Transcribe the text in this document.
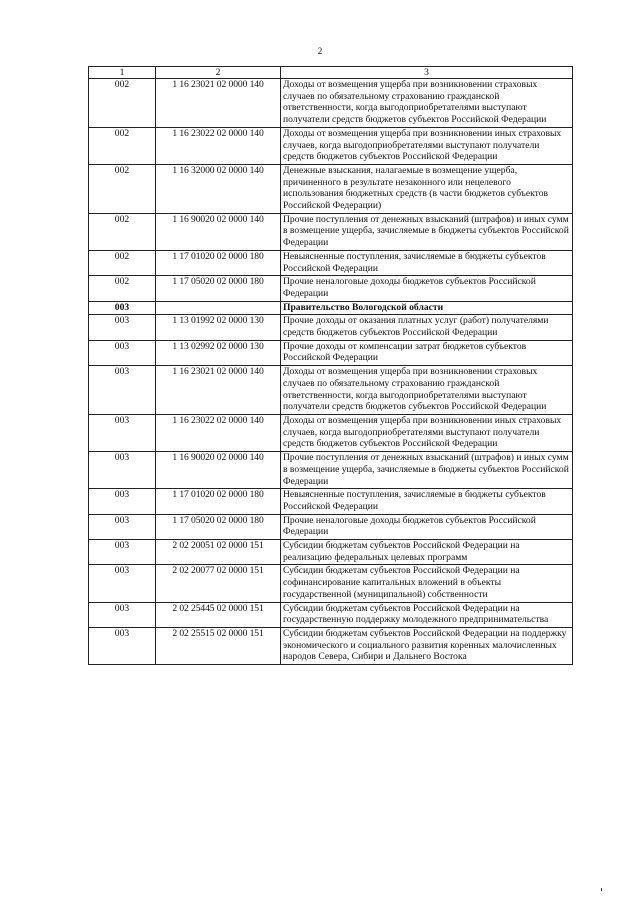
2
1	2	3
002	1 16 23021 02 0000 140	Доходы от возмещения ущерба при возникновении страховых случаев по обязательному страхованию гражданской ответственности, когда выгодоприобретателями выступают получатели средств бюджетов субъектов Российской Федерации
002	1 16 23022 02 0000 140	Доходы от возмещения ущерба при возникновении иных страховых случаев, когда выгодоприобретателями выступают получатели средств бюджетов субъектов Российской Федерации
002	1 16 32000 02 0000 140	Денежные взыскания, налагаемые в возмещение ущерба, причиненного в результате незаконного или нецелевого использования бюджетных средств (в части бюджетов субъектов Российской Федерации)
002	1 16 90020 02 0000 140	Прочие поступления от денежных взысканий (штрафов) и иных сумм в возмещение ущерба, зачисляемые в бюджеты субъектов Российской Федерации
002	1 17 01020 02 0000 180	Невыясненные поступления, зачисляемые в бюджеты субъектов Российской Федерации
002	1 17 05020 02 0000 180	Прочие неналоговые доходы бюджетов субъектов Российской Федерации
003		Правительство Вологодской области
003	1 13 01992 02 0000 130	Прочие доходы от оказания платных услуг (работ) получателями средств бюджетов субъектов Российской Федерации
003	1 13 02992 02 0000 130	Прочие доходы от компенсации затрат бюджетов субъектов Российской Федерации
003	1 16 23021 02 0000 140	Доходы от возмещения ущерба при возникновении страховых случаев по обязательному страхованию гражданской ответственности, когда выгодоприобретателями выступают получатели средств бюджетов субъектов Российской Федерации
003	1 16 23022 02 0000 140	Доходы от возмещения ущерба при возникновении иных страховых случаев, когда выгодоприобретателями выступают получатели средств бюджетов субъектов Российской Федерации
003	1 16 90020 02 0000 140	Прочие поступления от денежных взысканий (штрафов) и иных сумм в возмещение ущерба, зачисляемые в бюджеты субъектов Российской Федерации
003	1 17 01020 02 0000 180	Невыясненные поступления, зачисляемые в бюджеты субъектов Российской Федерации
003	1 17 05020 02 0000 180	Прочие неналоговые доходы бюджетов субъектов Российской Федерации
003	2 02 20051 02 0000 151	Субсидии бюджетам субъектов Российской Федерации на реализацию федеральных целевых программ
003	2 02 20077 02 0000 151	Субсидии бюджетам субъектов Российской Федерации на софинансирование капитальных вложений в объекты государственной (муниципальной) собственности
003	2 02 25445 02 0000 151	Субсидии бюджетам субъектов Российской Федерации на государственную поддержку молодежного предпринимательства
003	2 02 25515 02 0000 151	Субсидии бюджетам субъектов Российской Федерации на поддержку экономического и социального развития коренных малочисленных народов Севера, Сибири и Дальнего Востока
